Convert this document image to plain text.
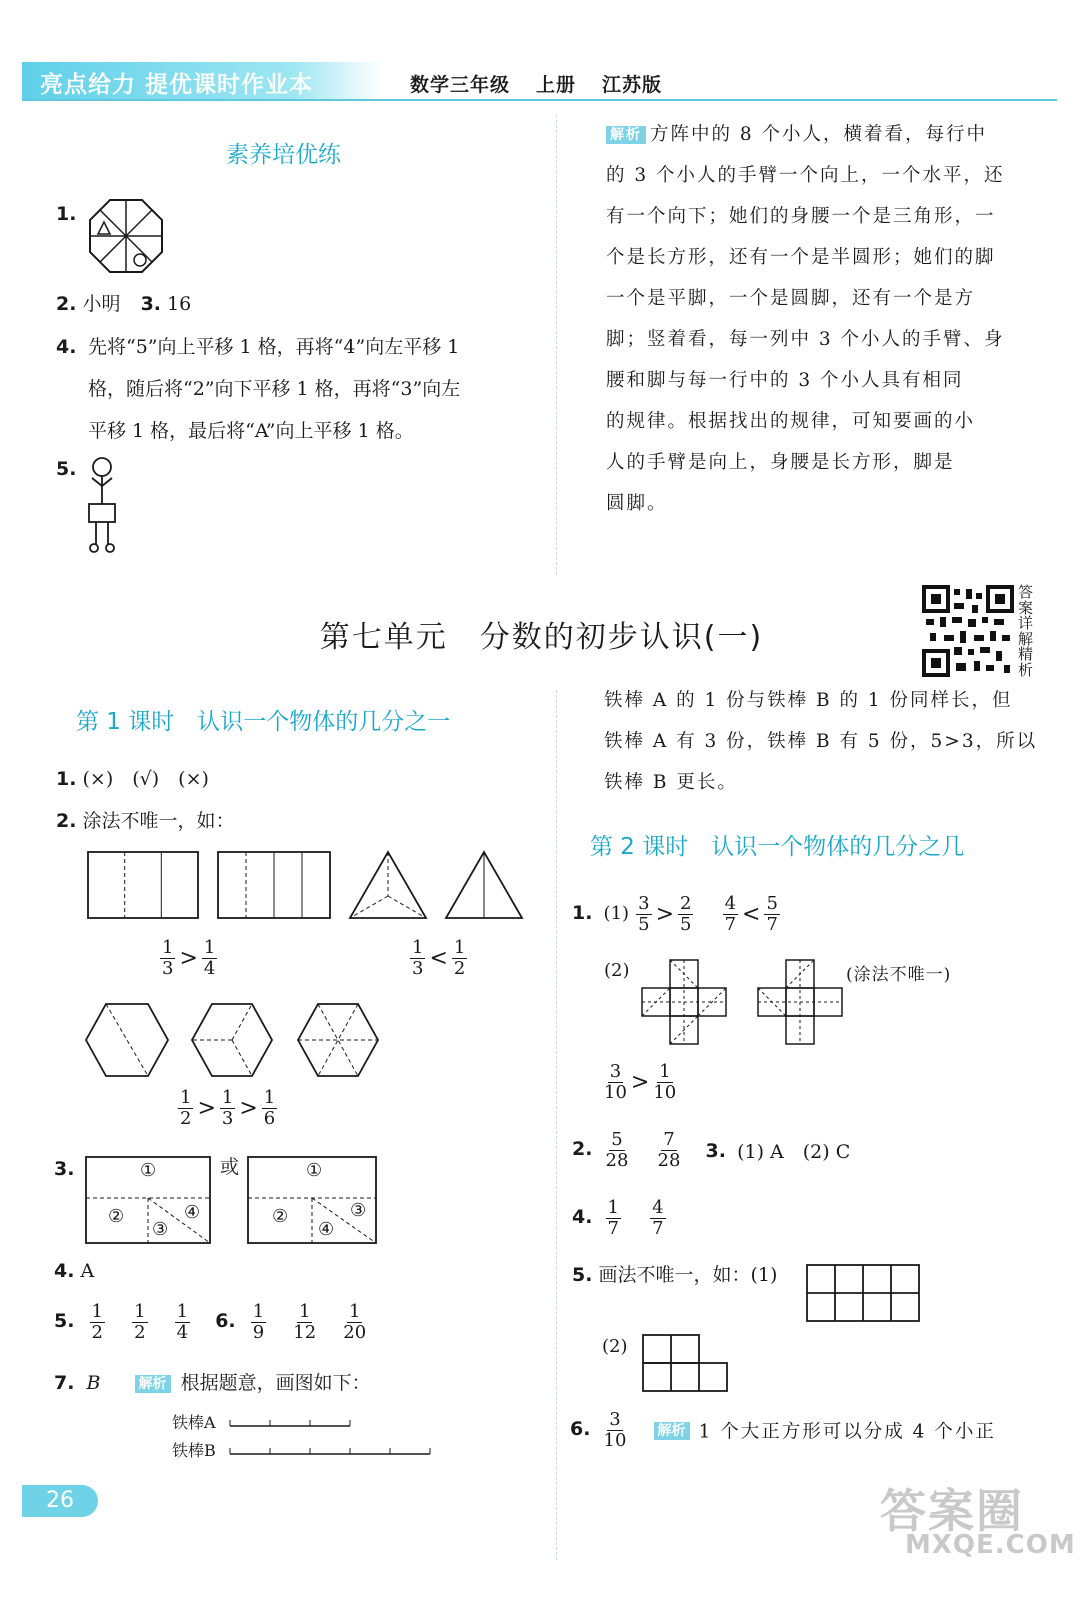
亮点给力 提优课时作业本	数学三年级 上册 江苏版
素养培优练
1.
2. 小明 3. 16
4. 先将“5”向上平移 1 格，再将“4”向左平移 1
格，随后将“2”向下平移 1 格，再将“3”向左
平移 1 格，最后将“A”向上平移 1 格。
5.
解析 方阵中的 8 个小人，横着看，每行中
的 3 个小人的手臂一个向上，一个水平，还
有一个向下；她们的身腰一个是三角形，一
个是长方形，还有一个是半圆形；她们的脚
一个是平脚，一个是圆脚，还有一个是方
脚；竖着看，每一列中 3 个小人的手臂、身
腰和脚与每一行中的 3 个小人具有相同
的规律。根据找出的规律，可知要画的小
人的手臂是向上，身腰是长方形，脚是
圆脚。
第七单元　分数的初步认识(一)
答案详解精析
第 1 课时　认识一个物体的几分之一
1. (×)　(√)　(×)
2. 涂法不唯一，如：
$\frac{1}{3} > \frac{1}{4}$	$\frac{1}{3} < \frac{1}{2}$
$\frac{1}{2} > \frac{1}{3} > \frac{1}{6}$
3.	①
②
③
④
或	①
②	③
④
4. A
5. $\frac{1}{2}$
$\frac{1}{2}$
$\frac{1}{4} 6$. $\frac{1}{9}$
$\frac{1}{12}$
$\frac{1}{20}$
7. B	解析 根据题意，画图如下：
铁棒A
铁棒B
铁棒 A 的 1 份与铁棒 B 的 1 份同样长，但
铁棒 A 有 3 份，铁棒 B 有 5 份，5>3，所以
铁棒 B 更长。
第 2 课时　认识一个物体的几分之几
1. $(1) \frac{3}{5} > \frac{2}{5}$
$\frac{4}{7} < \frac{5}{7}$
(2)	(涂法不唯一)
$\frac{3}{10} > \frac{1}{10}$
2. $\frac{5}{28}$
$\frac{7}{28} 3$. (1) A　(2) C
4. $\frac{1}{7}$
$\frac{4}{7}$
5. 画法不唯一，如：(1)
(2)
6. $\frac{3}{10}$ 解析 1 个大正方形可以分成 4 个小正
26	答案圈
MXQE.COM
